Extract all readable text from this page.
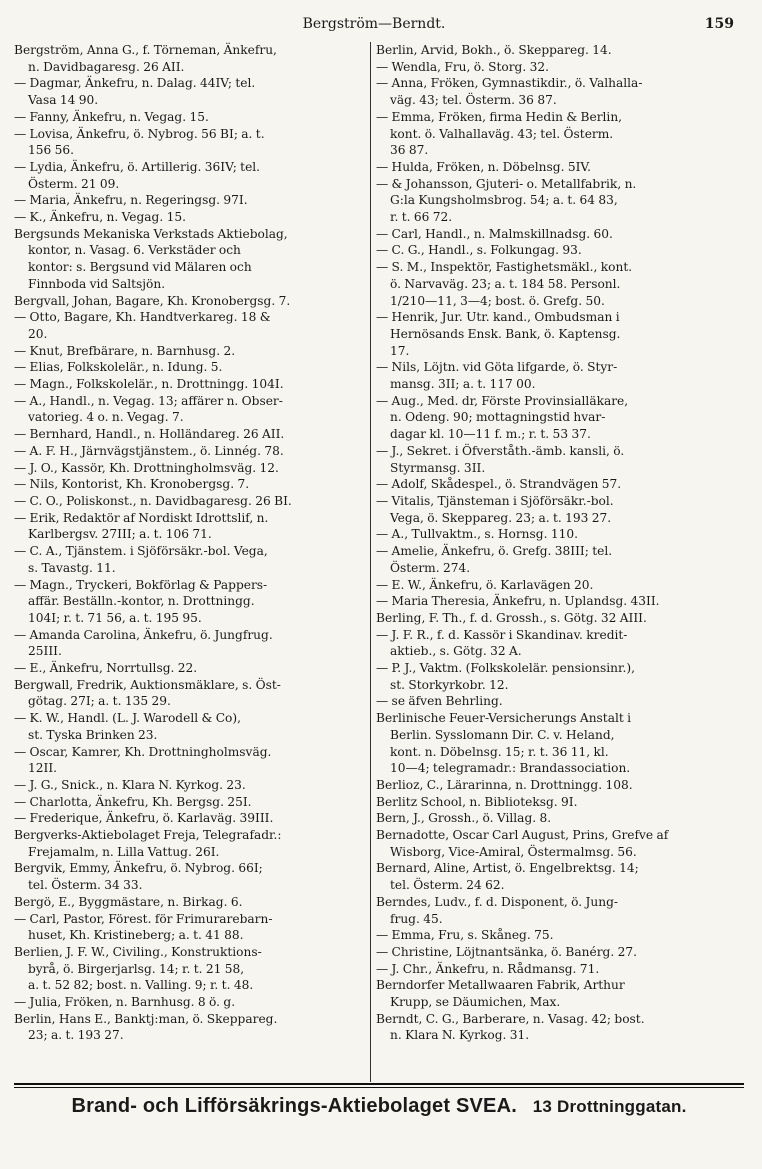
Bergström—Berndt.	159
Bergström, Anna G., f. Törneman, Änkefru,
n. Davidbagaresg. 26 AII.
— Dagmar, Änkefru, n. Dalag. 44IV; tel.
Vasa 14 90.
— Fanny, Änkefru, n. Vegag. 15.
— Lovisa, Änkefru, ö. Nybrog. 56 BI; a. t.
156 56.
— Lydia, Änkefru, ö. Artillerig. 36IV; tel.
Österm. 21 09.
— Maria, Änkefru, n. Regeringsg. 97I.
— K., Änkefru, n. Vegag. 15.
Bergsunds Mekaniska Verkstads Aktiebolag,
kontor, n. Vasag. 6. Verkstäder och
kontor: s. Bergsund vid Mälaren och
Finnboda vid Saltsjön.
Bergvall, Johan, Bagare, Kh. Kronobergsg. 7.
— Otto, Bagare, Kh. Handtverkareg. 18 &
20.
— Knut, Brefbärare, n. Barnhusg. 2.
— Elias, Folkskolelär., n. Idung. 5.
— Magn., Folkskolelär., n. Drottningg. 104I.
— A., Handl., n. Vegag. 13; affärer n. Obser-
vatorieg. 4 o. n. Vegag. 7.
— Bernhard, Handl., n. Holländareg. 26 AII.
— A. F. H., Järnvägstjänstem., ö. Linnég. 78.
— J. O., Kassör, Kh. Drottningholmsväg. 12.
— Nils, Kontorist, Kh. Kronobergsg. 7.
— C. O., Poliskonst., n. Davidbagaresg. 26 BI.
— Erik, Redaktör af Nordiskt Idrottslif, n.
Karlbergsv. 27III; a. t. 106 71.
— C. A., Tjänstem. i Sjöförsäkr.-bol. Vega,
s. Tavastg. 11.
— Magn., Tryckeri, Bokförlag & Pappers-
affär. Beställn.-kontor, n. Drottningg.
104I; r. t. 71 56, a. t. 195 95.
— Amanda Carolina, Änkefru, ö. Jungfrug.
25III.
— E., Änkefru, Norrtullsg. 22.
Bergwall, Fredrik, Auktionsmäklare, s. Öst-
götag. 27I; a. t. 135 29.
— K. W., Handl. (L. J. Warodell & Co),
st. Tyska Brinken 23.
— Oscar, Kamrer, Kh. Drottningholmsväg.
12II.
— J. G., Snick., n. Klara N. Kyrkog. 23.
— Charlotta, Änkefru, Kh. Bergsg. 25I.
— Frederique, Änkefru, ö. Karlaväg. 39III.
Bergverks-Aktiebolaget Freja, Telegrafadr.:
Frejamalm, n. Lilla Vattug. 26I.
Bergvik, Emmy, Änkefru, ö. Nybrog. 66I;
tel. Österm. 34 33.
Bergö, E., Byggmästare, n. Birkag. 6.
— Carl, Pastor, Förest. för Frimurarebarn-
huset, Kh. Kristineberg; a. t. 41 88.
Berlien, J. F. W., Civiling., Konstruktions-
byrå, ö. Birgerjarlsg. 14; r. t. 21 58,
a. t. 52 82; bost. n. Valling. 9; r. t. 48.
— Julia, Fröken, n. Barnhusg. 8 ö. g.
Berlin, Hans E., Banktj:man, ö. Skeppareg.
23; a. t. 193 27.
Berlin, Arvid, Bokh., ö. Skeppareg. 14.
— Wendla, Fru, ö. Storg. 32.
— Anna, Fröken, Gymnastikdir., ö. Valhalla-
väg. 43; tel. Österm. 36 87.
— Emma, Fröken, firma Hedin & Berlin,
kont. ö. Valhallaväg. 43; tel. Österm.
36 87.
— Hulda, Fröken, n. Döbelnsg. 5IV.
— & Johansson, Gjuteri- o. Metallfabrik, n.
G:la Kungsholmsbrog. 54; a. t. 64 83,
r. t. 66 72.
— Carl, Handl., n. Malmskillnadsg. 60.
— C. G., Handl., s. Folkungag. 93.
— S. M., Inspektör, Fastighetsmäkl., kont.
ö. Narvaväg. 23; a. t. 184 58. Personl.
1/210—11, 3—4; bost. ö. Grefg. 50.
— Henrik, Jur. Utr. kand., Ombudsman i
Hernösands Ensk. Bank, ö. Kaptensg.
17.
— Nils, Löjtn. vid Göta lifgarde, ö. Styr-
mansg. 3II; a. t. 117 00.
— Aug., Med. dr, Förste Provinsialläkare,
n. Odeng. 90; mottagningstid hvar-
dagar kl. 10—11 f. m.; r. t. 53 37.
— J., Sekret. i Öfverståth.-ämb. kansli, ö.
Styrmansg. 3II.
— Adolf, Skådespel., ö. Strandvägen 57.
— Vitalis, Tjänsteman i Sjöförsäkr.-bol.
Vega, ö. Skeppareg. 23; a. t. 193 27.
— A., Tullvaktm., s. Hornsg. 110.
— Amelie, Änkefru, ö. Grefg. 38III; tel.
Österm. 274.
— E. W., Änkefru, ö. Karlavägen 20.
— Maria Theresia, Änkefru, n. Uplandsg. 43II.
Berling, F. Th., f. d. Grossh., s. Götg. 32 AIII.
— J. F. R., f. d. Kassör i Skandinav. kredit-
aktieb., s. Götg. 32 A.
— P. J., Vaktm. (Folkskolelär. pensionsinr.),
st. Storkyrkobr. 12.
— se äfven Behrling.
Berlinische Feuer-Versicherungs Anstalt i
Berlin. Sysslomann Dir. C. v. Heland,
kont. n. Döbelnsg. 15; r. t. 36 11, kl.
10—4; telegramadr.: Brandassociation.
Berlioz, C., Lärarinna, n. Drottningg. 108.
Berlitz School, n. Biblioteksg. 9I.
Bern, J., Grossh., ö. Villag. 8.
Bernadotte, Oscar Carl August, Prins, Grefve af
Wisborg, Vice-Amiral, Östermalmsg. 56.
Bernard, Aline, Artist, ö. Engelbrektsg. 14;
tel. Österm. 24 62.
Berndes, Ludv., f. d. Disponent, ö. Jung-
frug. 45.
— Emma, Fru, s. Skåneg. 75.
— Christine, Löjtnantsänka, ö. Banérg. 27.
— J. Chr., Änkefru, n. Rådmansg. 71.
Berndorfer Metallwaaren Fabrik, Arthur
Krupp, se Däumichen, Max.
Berndt, C. G., Barberare, n. Vasag. 42; bost.
n. Klara N. Kyrkog. 31.
Brand- och Lifförsäkrings-Aktiebolaget SVEA. 13 Drottninggatan.
